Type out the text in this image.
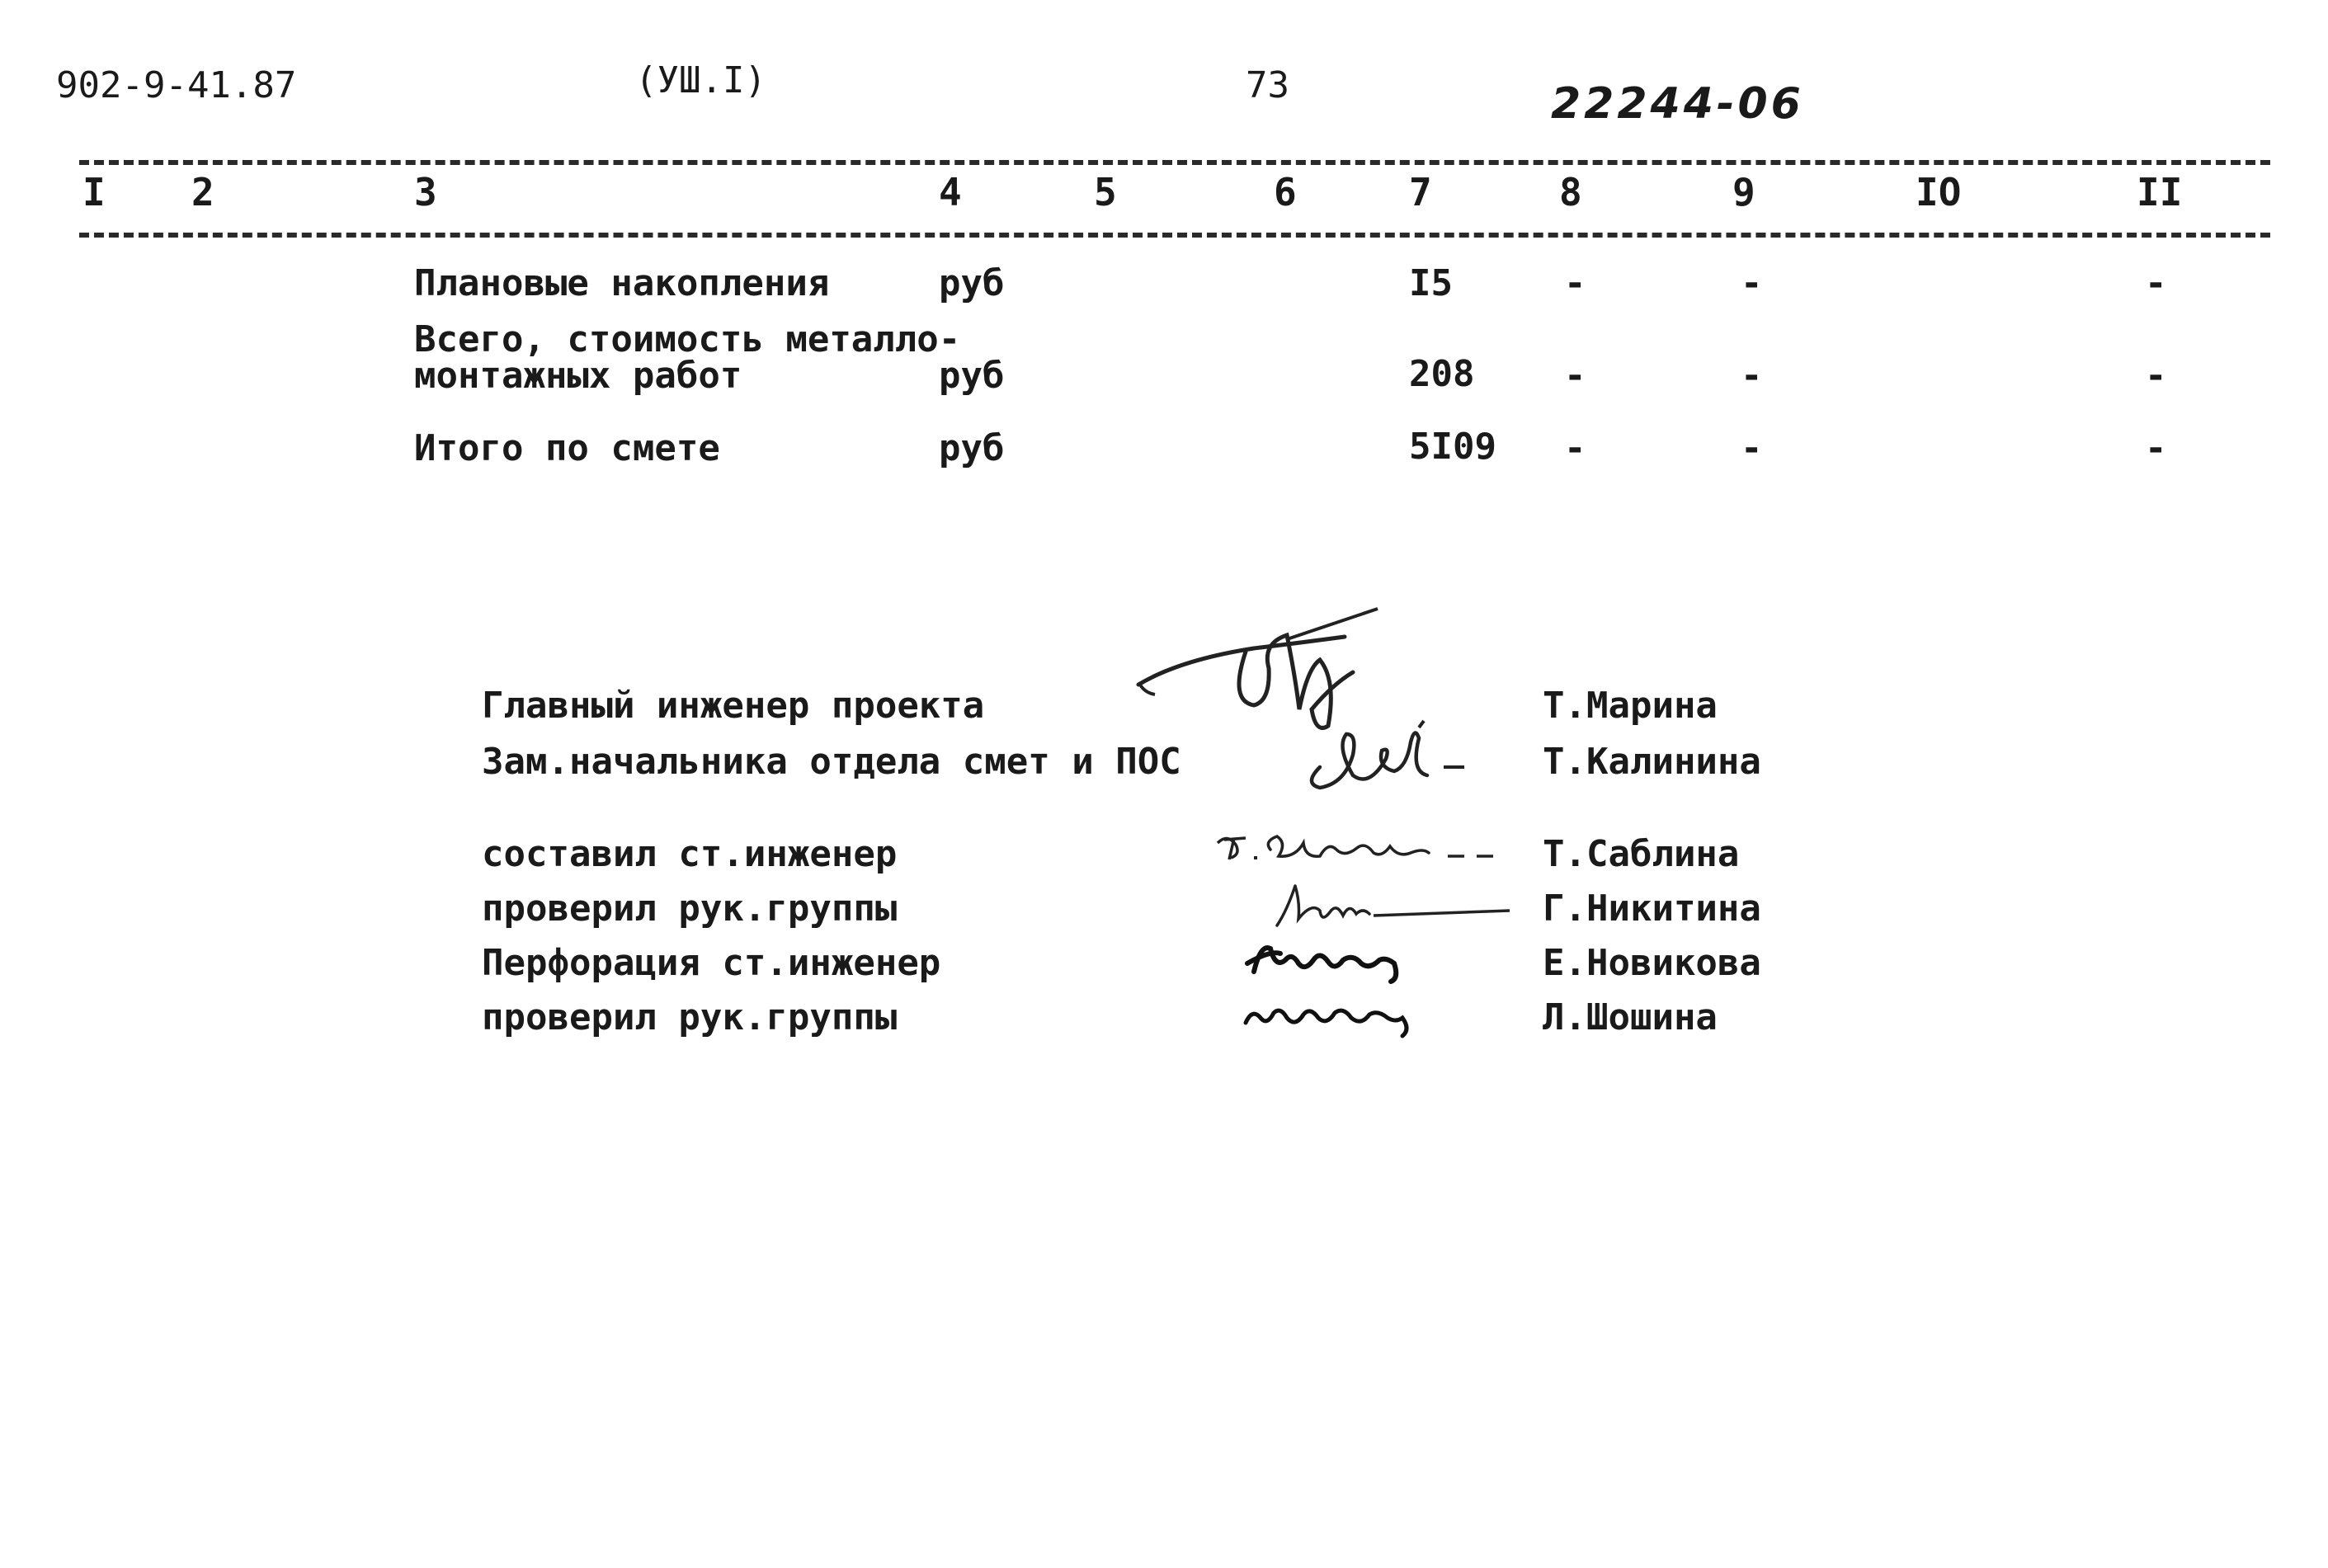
902-9-41.87	(УШ.I)	73	22244-06
I 2	3	4	5	6	7	8	9	IO	II
Плановые накопления	руб	I5	-	-	-
Всего, стоимость металло-
монтажных работ	руб	208 -	-	-
Итого по смете	руб	5I09 -	-	-
Главный инженер проекта	Т.Марина
Зам.начальника отдела смет и ПОС	Т.Калинина
составил ст.инженер	Т.Саблина
проверил рук.группы	Г.Никитина
Перфорация ст.инженер	Е.Новикова
проверил рук.группы	Л.Шошина
